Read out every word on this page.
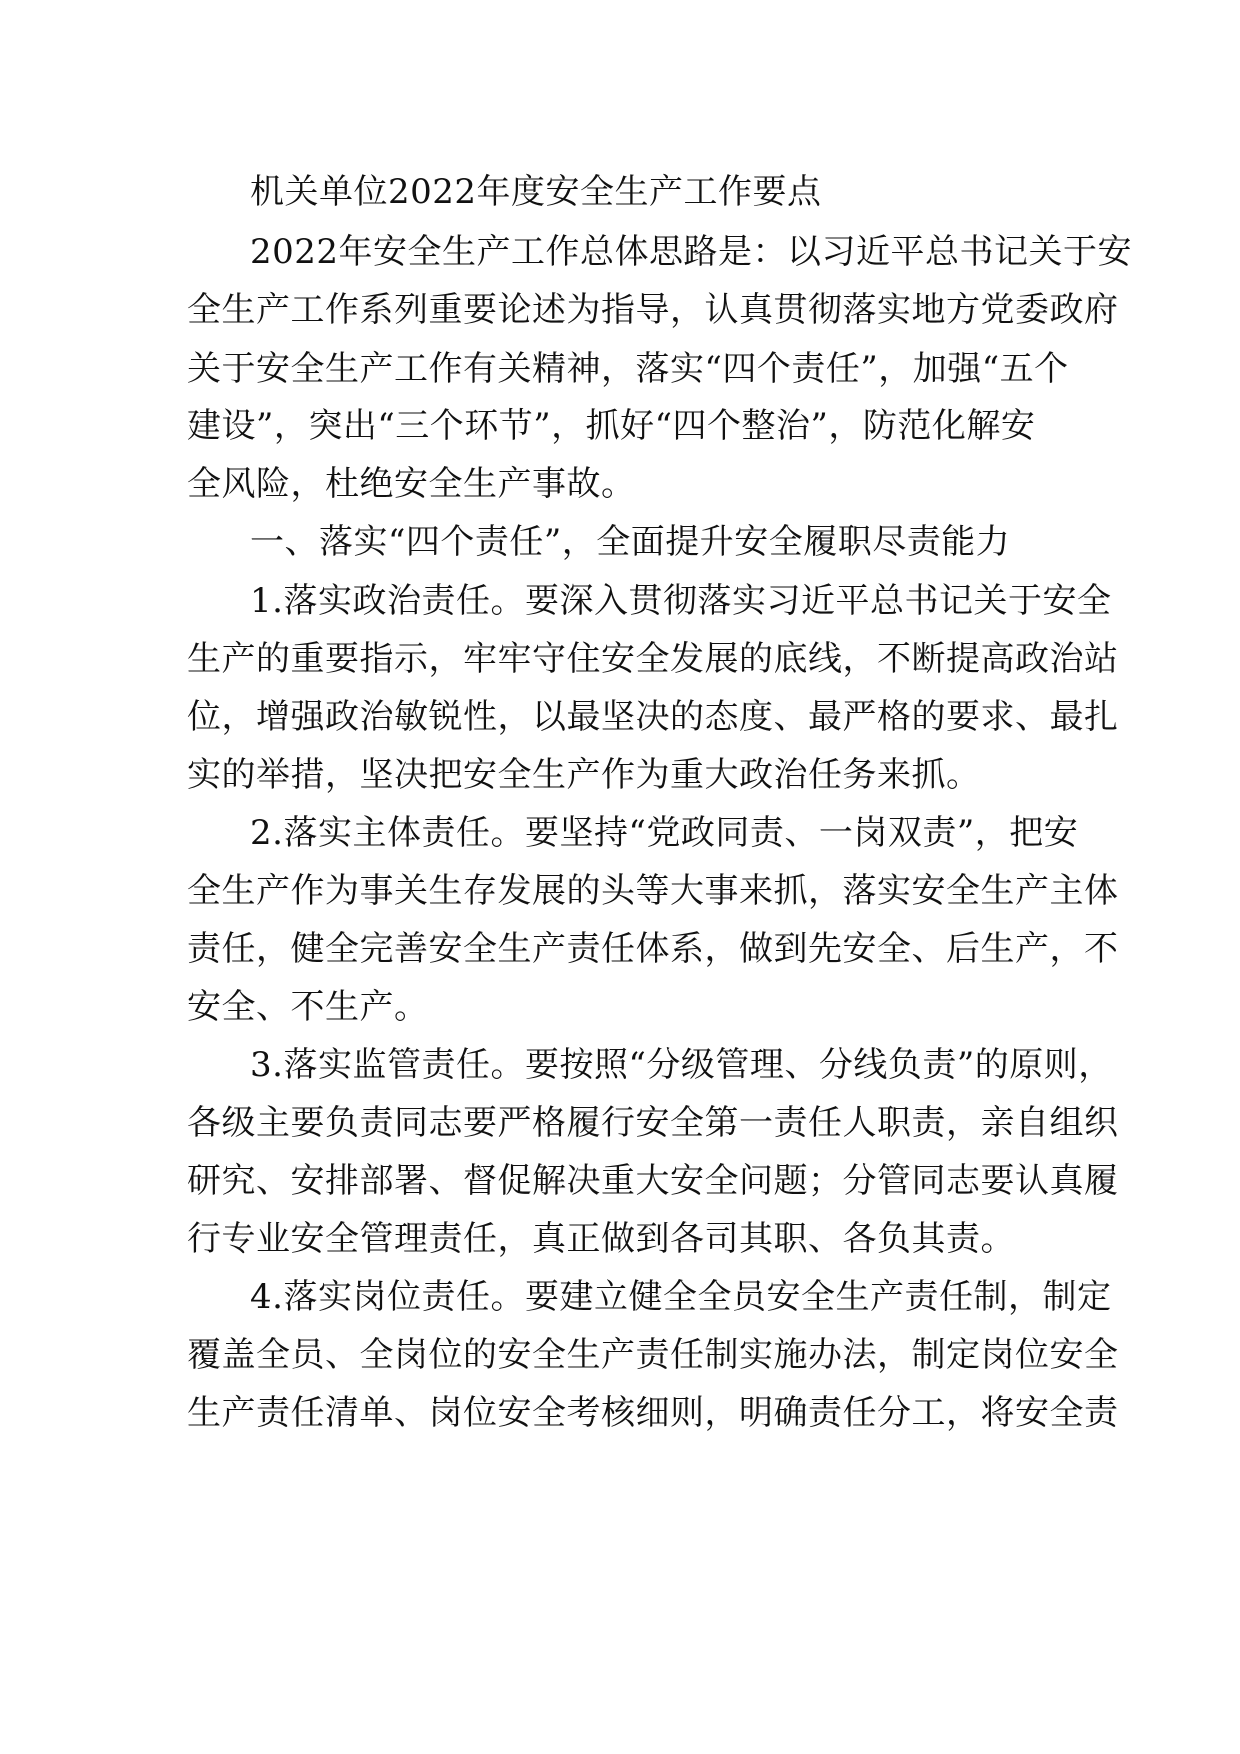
机关单位2022年度安全生产工作要点
2022年安全生产工作总体思路是：以习近平总书记关于安
全生产工作系列重要论述为指导，认真贯彻落实地方党委政府
关于安全生产工作有关精神，落实“四个责任”，加强“五个
建设”，突出“三个环节”，抓好“四个整治”，防范化解安
全风险，杜绝安全生产事故。
一、落实“四个责任”，全面提升安全履职尽责能力
1.落实政治责任。要深入贯彻落实习近平总书记关于安全
生产的重要指示，牢牢守住安全发展的底线，不断提高政治站
位，增强政治敏锐性，以最坚决的态度、最严格的要求、最扎
实的举措，坚决把安全生产作为重大政治任务来抓。
2.落实主体责任。要坚持“党政同责、一岗双责”，把安
全生产作为事关生存发展的头等大事来抓，落实安全生产主体
责任，健全完善安全生产责任体系，做到先安全、后生产，不
安全、不生产。
3.落实监管责任。要按照“分级管理、分线负责”的原则，
各级主要负责同志要严格履行安全第一责任人职责，亲自组织
研究、安排部署、督促解决重大安全问题；分管同志要认真履
行专业安全管理责任，真正做到各司其职、各负其责。
4.落实岗位责任。要建立健全全员安全生产责任制，制定
覆盖全员、全岗位的安全生产责任制实施办法，制定岗位安全
生产责任清单、岗位安全考核细则，明确责任分工，将安全责
